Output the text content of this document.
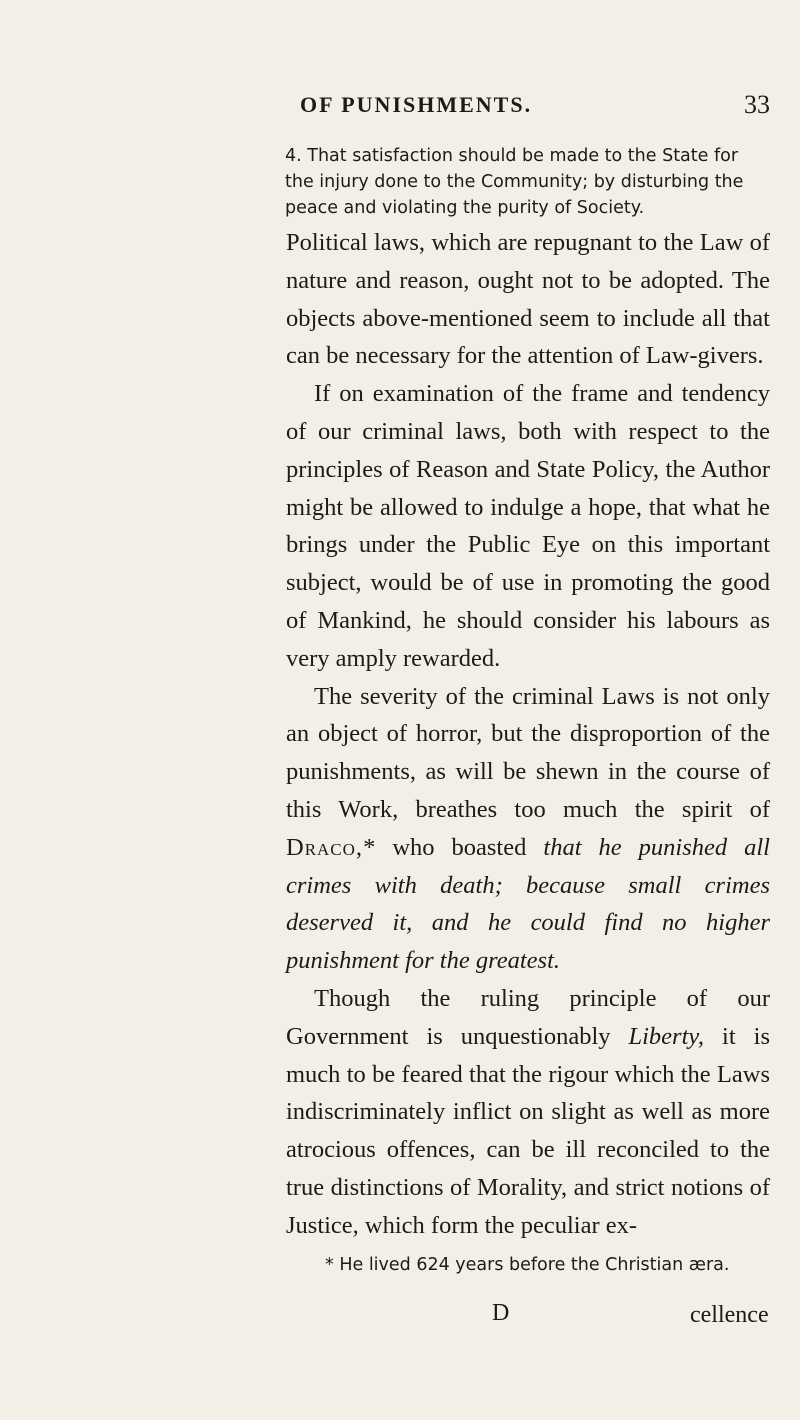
OF PUNISHMENTS.	33
4. That satisfaction should be made to the State for the injury done to the Community; by disturbing the peace and violating the purity of Society.

Political laws, which are repugnant to the Law of nature and reason, ought not to be adopted. The objects above-mentioned seem to include all that can be necessary for the attention of Law-givers.

If on examination of the frame and tendency of our criminal laws, both with respect to the principles of Reason and State Policy, the Author might be allowed to indulge a hope, that what he brings under the Public Eye on this important subject, would be of use in promoting the good of Mankind, he should consider his labours as very amply rewarded.

The severity of the criminal Laws is not only an object of horror, but the disproportion of the punishments, as will be shewn in the course of this Work, breathes too much the spirit of Draco,* who boasted that he punished all crimes with death; because small crimes deserved it, and he could find no higher punishment for the greatest.

Though the ruling principle of our Government is unquestionably Liberty, it is much to be feared that the rigour which the Laws indiscriminately inflict on slight as well as more atrocious offences, can be ill reconciled to the true distinctions of Morality, and strict notions of Justice, which form the peculiar ex-

* He lived 624 years before the Christian æra.
D	cellence
